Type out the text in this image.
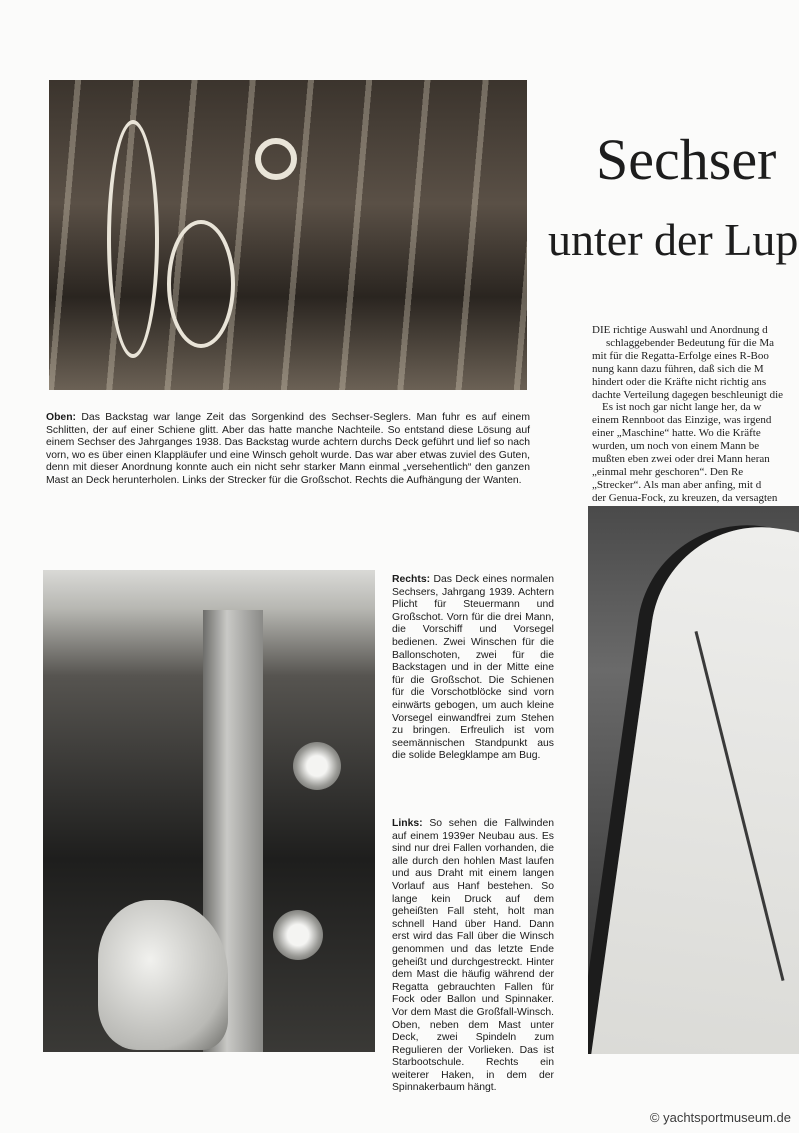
Sechser
unter der Lup
DIE richtige Auswahl und Anordnung d
schlaggebender Bedeutung für die Ma
mit für die Regatta-Erfolge eines R-Boo
nung kann dazu führen, daß sich die M
hindert oder die Kräfte nicht richtig ans
dachte Verteilung dagegen beschleunigt die
Es ist noch gar nicht lange her, da w
einem Rennboot das Einzige, was irgend
einer „Maschine“ hatte. Wo die Kräfte
wurden, um noch von einem Mann be
mußten eben zwei oder drei Mann heran
„einmal mehr geschoren“. Den Re
„Strecker“. Als man aber anfing, mit d
der Genua-Fock, zu kreuzen, da versagten
Oben: Das Backstag war lange Zeit das Sorgenkind des Sechser-Seglers. Man fuhr es auf einem Schlitten, der auf einer Schiene glitt. Aber das hatte manche Nachteile. So entstand diese Lösung auf einem Sechser des Jahrganges 1938. Das Backstag wurde achtern durchs Deck geführt und lief so nach vorn, wo es über einen Klappläufer und eine Winsch geholt wurde. Das war aber etwas zuviel des Guten, denn mit dieser Anordnung konnte auch ein nicht sehr starker Mann einmal „versehentlich“ den ganzen Mast an Deck herunterholen. Links der Strecker für die Großschot. Rechts die Aufhängung der Wanten.
Rechts: Das Deck eines normalen Sechsers, Jahrgang 1939. Achtern Plicht für Steuermann und Großschot. Vorn für die drei Mann, die Vorschiff und Vorsegel bedienen. Zwei Winschen für die Ballonschoten, zwei für die Backstagen und in der Mitte eine für die Großschot. Die Schienen für die Vorschotblöcke sind vorn einwärts gebogen, um auch kleine Vorsegel einwandfrei zum Stehen zu bringen. Erfreulich ist vom seemännischen Standpunkt aus die solide Belegklampe am Bug.
Links: So sehen die Fallwinden auf einem 1939er Neubau aus. Es sind nur drei Fallen vorhanden, die alle durch den hohlen Mast laufen und aus Draht mit einem langen Vorlauf aus Hanf bestehen. So lange kein Druck auf dem geheißten Fall steht, holt man schnell Hand über Hand. Dann erst wird das Fall über die Winsch genommen und das letzte Ende geheißt und durchgestreckt. Hinter dem Mast die häufig während der Regatta gebrauchten Fallen für Fock oder Ballon und Spinnaker. Vor dem Mast die Großfall-Winsch. Oben, neben dem Mast unter Deck, zwei Spindeln zum Regulieren der Vorlieken. Das ist Starbootschule. Rechts ein weiterer Haken, in dem der Spinnakerbaum hängt.
© yachtsportmuseum.de
